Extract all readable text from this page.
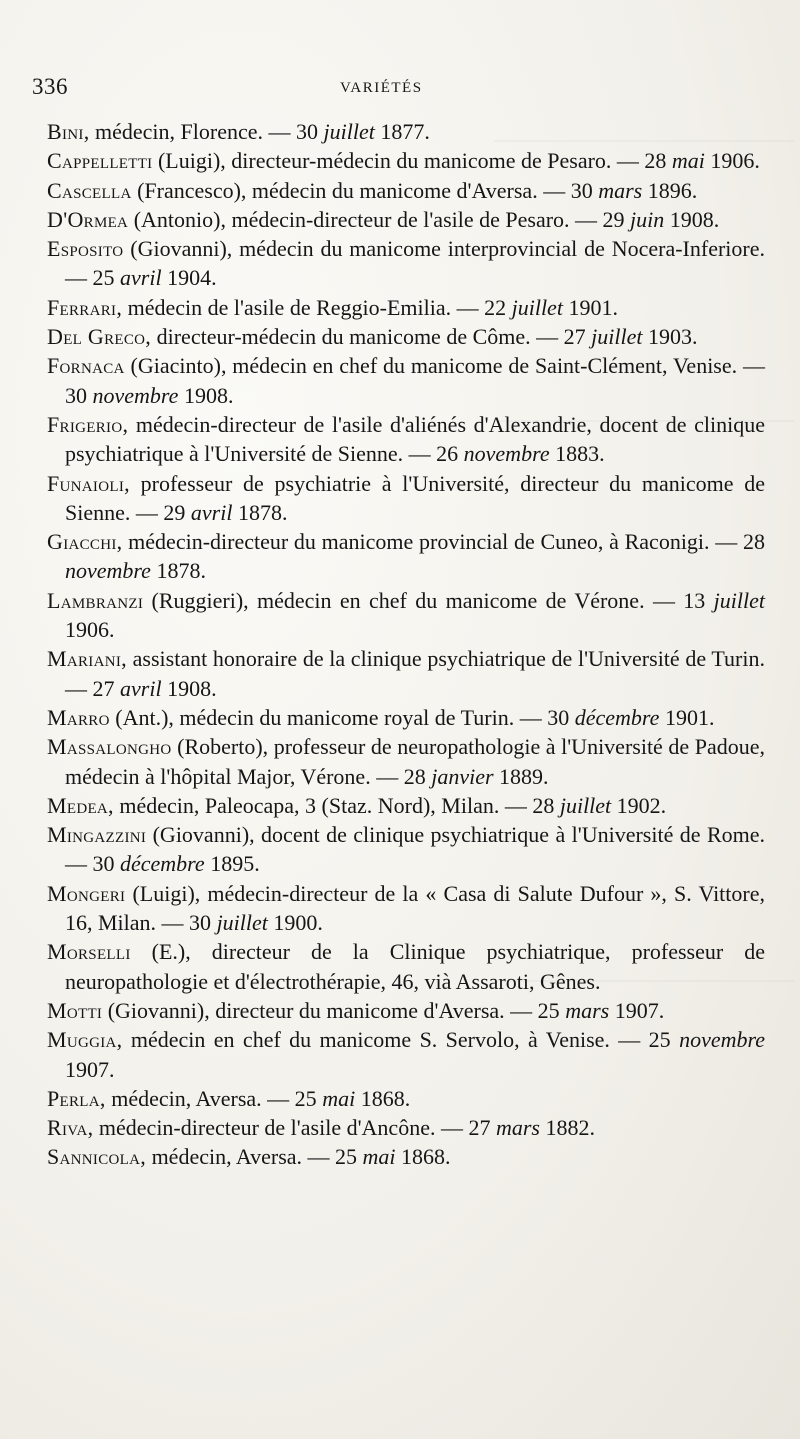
336	VARIÉTÉS

Bini, médecin, Florence. — 30 juillet 1877.

Cappelletti (Luigi), directeur-médecin du manicome de Pesaro. — 28 mai 1906.

Cascella (Francesco), médecin du manicome d'Aversa. — 30 mars 1896.

D'Ormea (Antonio), médecin-directeur de l'asile de Pesaro. — 29 juin 1908.

Esposito (Giovanni), médecin du manicome interprovincial de Nocera-Inferiore. — 25 avril 1904.

Ferrari, médecin de l'asile de Reggio-Emilia. — 22 juillet 1901.

Del Greco, directeur-médecin du manicome de Côme. — 27 juillet 1903.

Fornaca (Giacinto), médecin en chef du manicome de Saint-Clément, Venise. — 30 novembre 1908.

Frigerio, médecin-directeur de l'asile d'aliénés d'Alexandrie, docent de clinique psychiatrique à l'Université de Sienne. — 26 novembre 1883.

Funaioli, professeur de psychiatrie à l'Université, directeur du manicome de Sienne. — 29 avril 1878.

Giacchi, médecin-directeur du manicome provincial de Cuneo, à Raconigi. — 28 novembre 1878.

Lambranzi (Ruggieri), médecin en chef du manicome de Vérone. — 13 juillet 1906.

Mariani, assistant honoraire de la clinique psychiatrique de l'Université de Turin. — 27 avril 1908.

Marro (Ant.), médecin du manicome royal de Turin. — 30 décembre 1901.

Massalongho (Roberto), professeur de neuropathologie à l'Université de Padoue, médecin à l'hôpital Major, Vérone. — 28 janvier 1889.

Medea, médecin, Paleocapa, 3 (Staz. Nord), Milan. — 28 juillet 1902.

Mingazzini (Giovanni), docent de clinique psychiatrique à l'Université de Rome. — 30 décembre 1895.

Mongeri (Luigi), médecin-directeur de la « Casa di Salute Dufour », S. Vittore, 16, Milan. — 30 juillet 1900.

Morselli (E.), directeur de la Clinique psychiatrique, professeur de neuropathologie et d'électrothérapie, 46, vià Assaroti, Gênes.

Motti (Giovanni), directeur du manicome d'Aversa. — 25 mars 1907.

Muggia, médecin en chef du manicome S. Servolo, à Venise. — 25 novembre 1907.

Perla, médecin, Aversa. — 25 mai 1868.

Riva, médecin-directeur de l'asile d'Ancône. — 27 mars 1882.

Sannicola, médecin, Aversa. — 25 mai 1868.
